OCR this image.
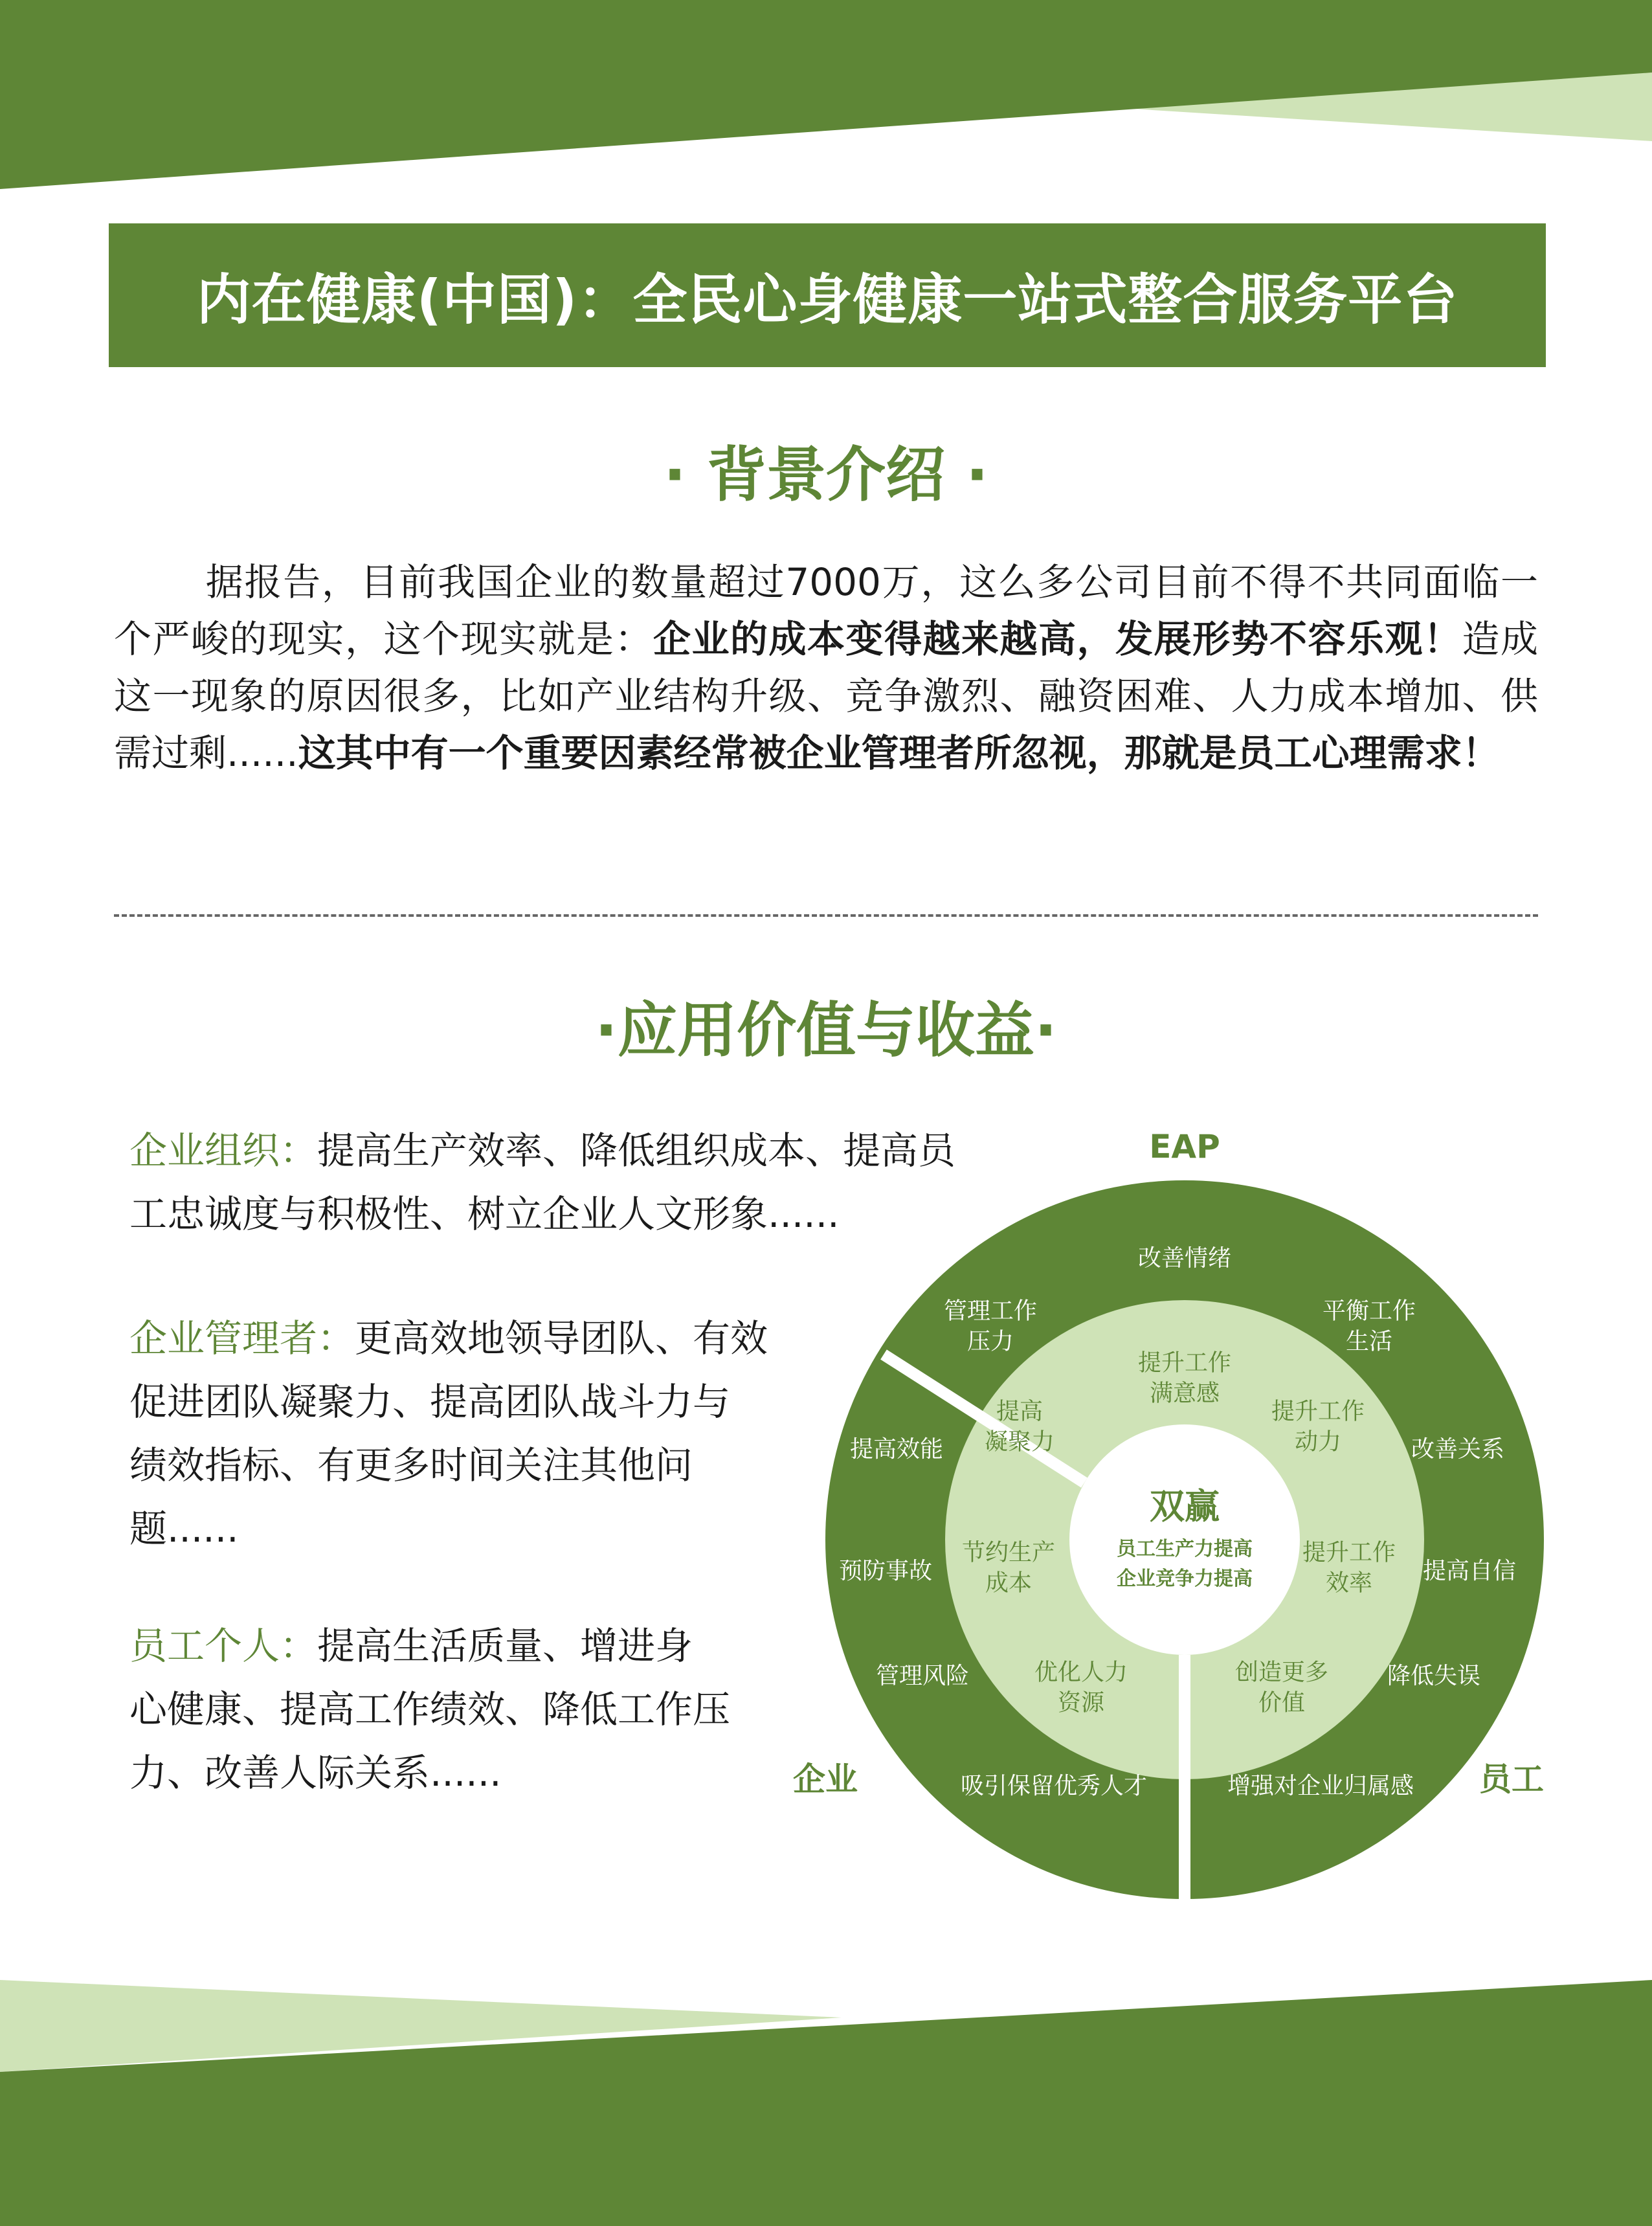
内在健康(中国)：全民心身健康一站式整合服务平台
· 背景介绍 ·
据报告，目前我国企业的数量超过7000万，这么多公司目前不得不共同面临一个严峻的现实，这个现实就是：企业的成本变得越来越高，发展形势不容乐观！造成这一现象的原因很多，比如产业结构升级、竞争激烈、融资困难、人力成本增加、供需过剩......这其中有一个重要因素经常被企业管理者所忽视，那就是员工心理需求！
·应用价值与收益·
企业组织：提高生产效率、降低组织成本、提高员
工忠诚度与积极性、树立企业人文形象......
企业管理者：更高效地领导团队、有效
促进团队凝聚力、提高团队战斗力与
绩效指标、有更多时间关注其他问
题......
员工个人：提高生活质量、增进身
心健康、提高工作绩效、降低工作压
力、改善人际关系......
EAP
企业	员工
双赢
员工生产力提高
企业竞争力提高
提升工作
满意感
提升工作
动力
提升工作
效率
创造更多
价值
优化人力
资源
节约生产
成本
提高
凝聚力
改善情绪
平衡工作
生活
改善关系
提高自信
降低失误
增强对企业归属感
吸引保留优秀人才
管理风险
预防事故
提高效能
管理工作
压力
